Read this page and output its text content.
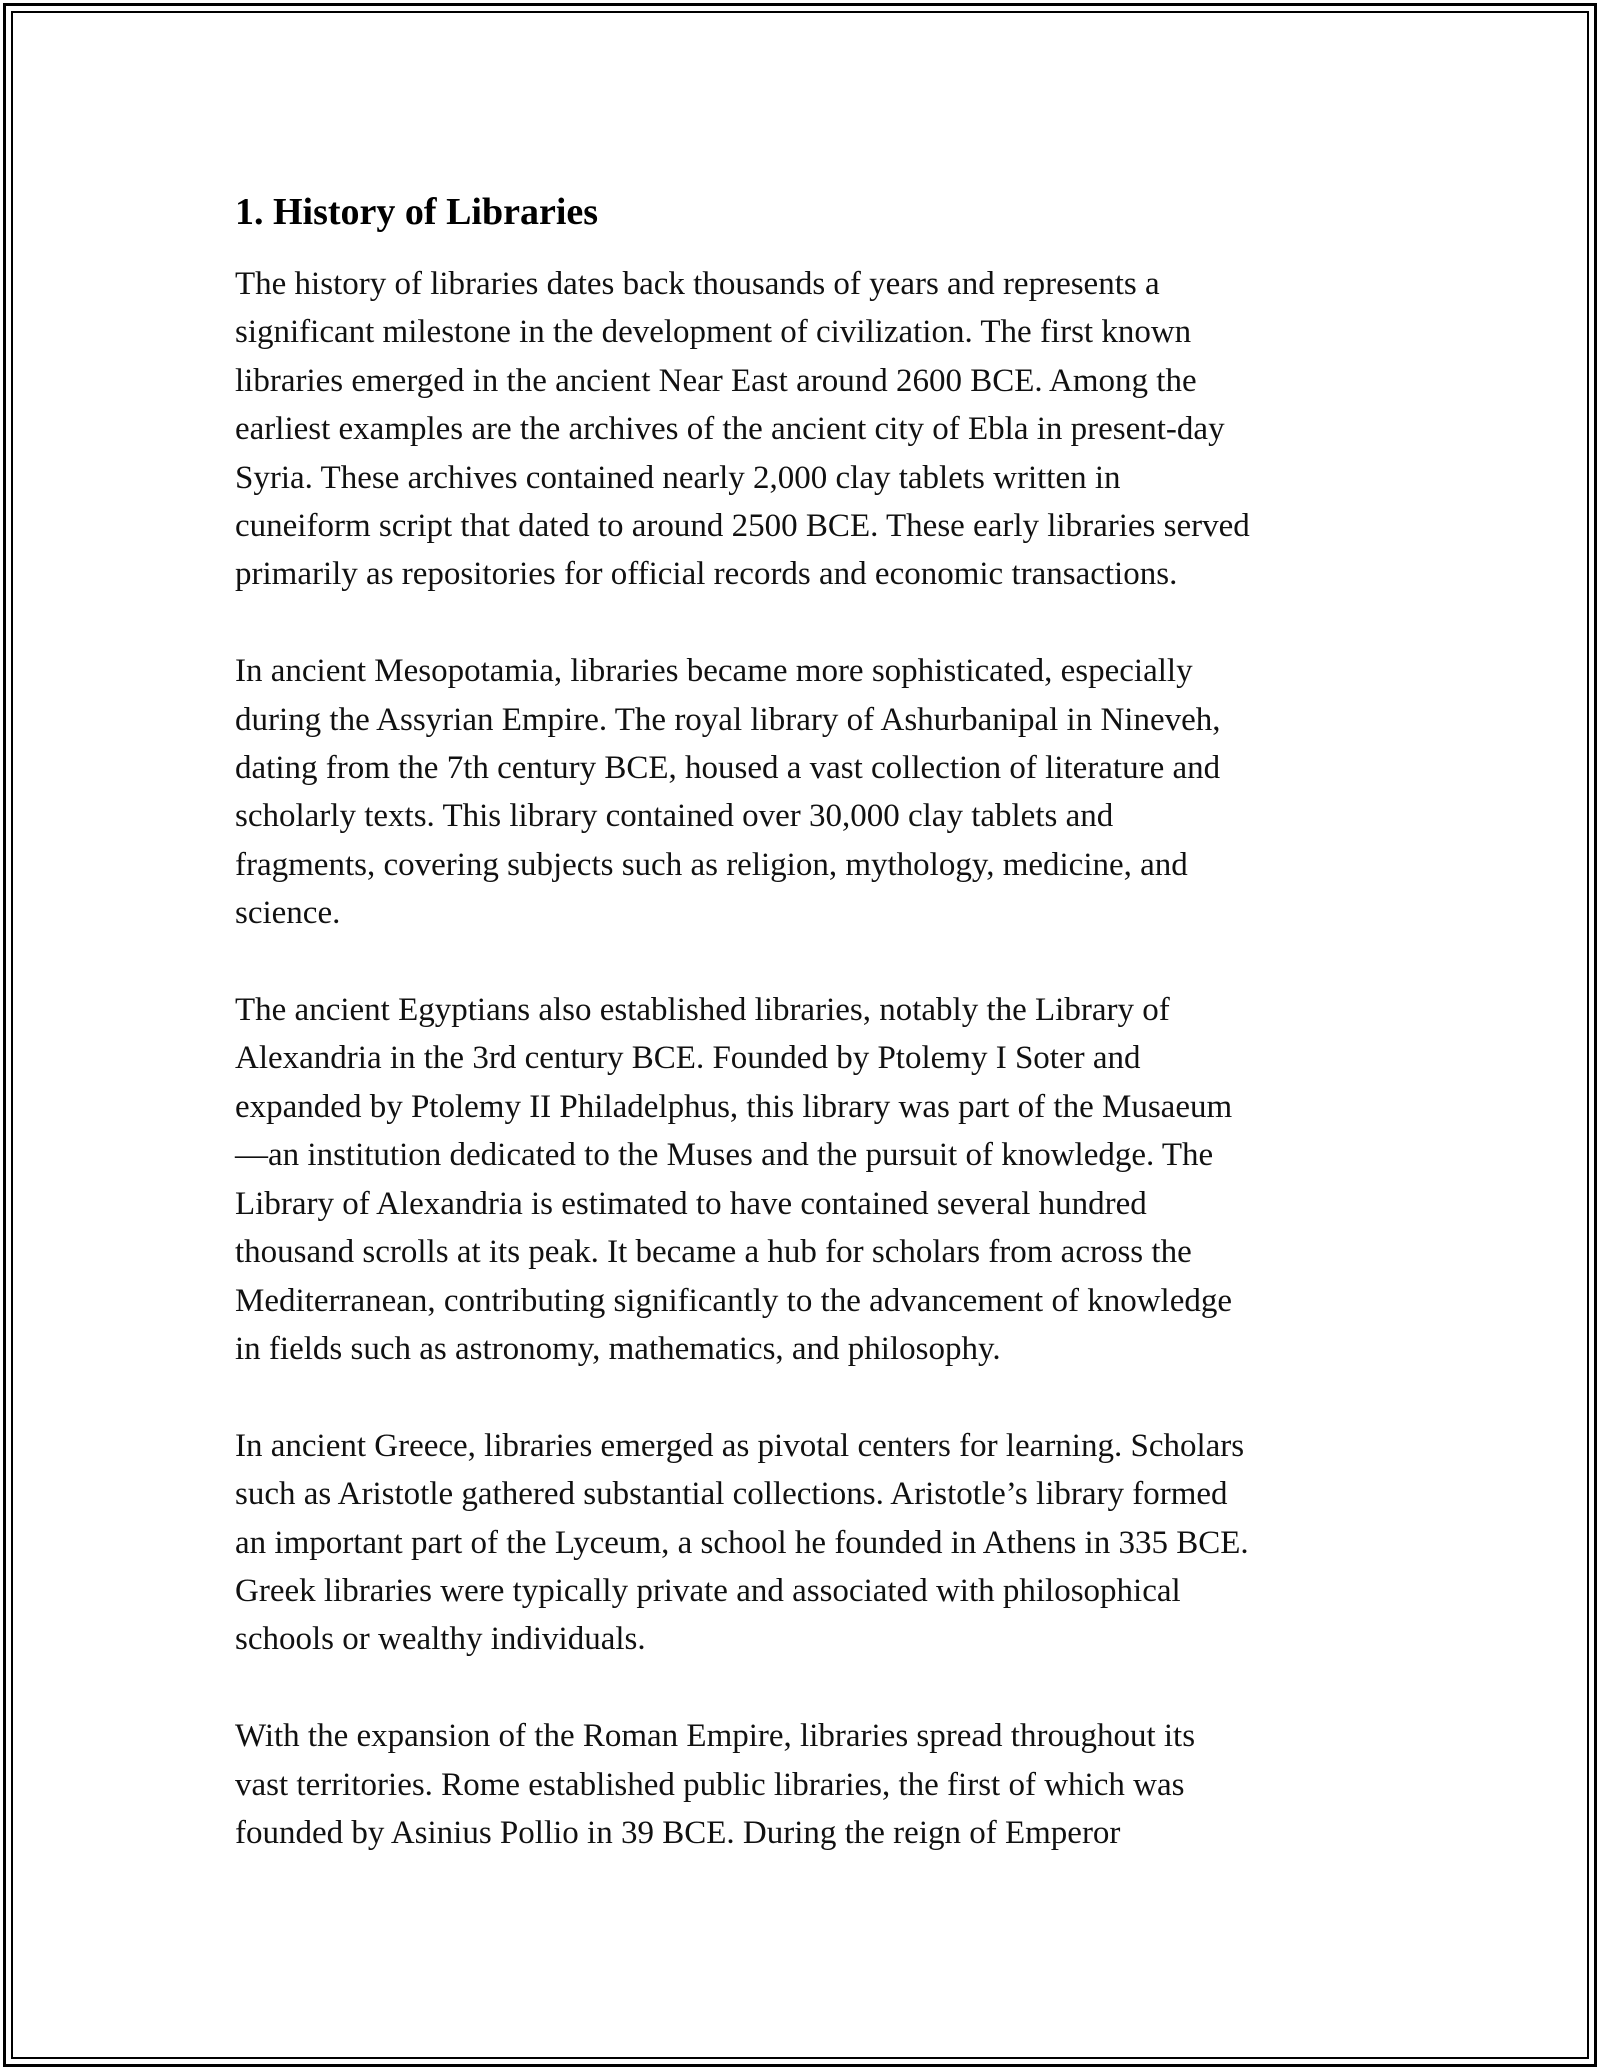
1. History of Libraries

The history of libraries dates back thousands of years and represents a
significant milestone in the development of civilization. The first known
libraries emerged in the ancient Near East around 2600 BCE. Among the
earliest examples are the archives of the ancient city of Ebla in present-day
Syria. These archives contained nearly 2,000 clay tablets written in
cuneiform script that dated to around 2500 BCE. These early libraries served
primarily as repositories for official records and economic transactions.

In ancient Mesopotamia, libraries became more sophisticated, especially
during the Assyrian Empire. The royal library of Ashurbanipal in Nineveh,
dating from the 7th century BCE, housed a vast collection of literature and
scholarly texts. This library contained over 30,000 clay tablets and
fragments, covering subjects such as religion, mythology, medicine, and
science.

The ancient Egyptians also established libraries, notably the Library of
Alexandria in the 3rd century BCE. Founded by Ptolemy I Soter and
expanded by Ptolemy II Philadelphus, this library was part of the Musaeum
—an institution dedicated to the Muses and the pursuit of knowledge. The
Library of Alexandria is estimated to have contained several hundred
thousand scrolls at its peak. It became a hub for scholars from across the
Mediterranean, contributing significantly to the advancement of knowledge
in fields such as astronomy, mathematics, and philosophy.

In ancient Greece, libraries emerged as pivotal centers for learning. Scholars
such as Aristotle gathered substantial collections. Aristotle’s library formed
an important part of the Lyceum, a school he founded in Athens in 335 BCE.
Greek libraries were typically private and associated with philosophical
schools or wealthy individuals.

With the expansion of the Roman Empire, libraries spread throughout its
vast territories. Rome established public libraries, the first of which was
founded by Asinius Pollio in 39 BCE. During the reign of Emperor
